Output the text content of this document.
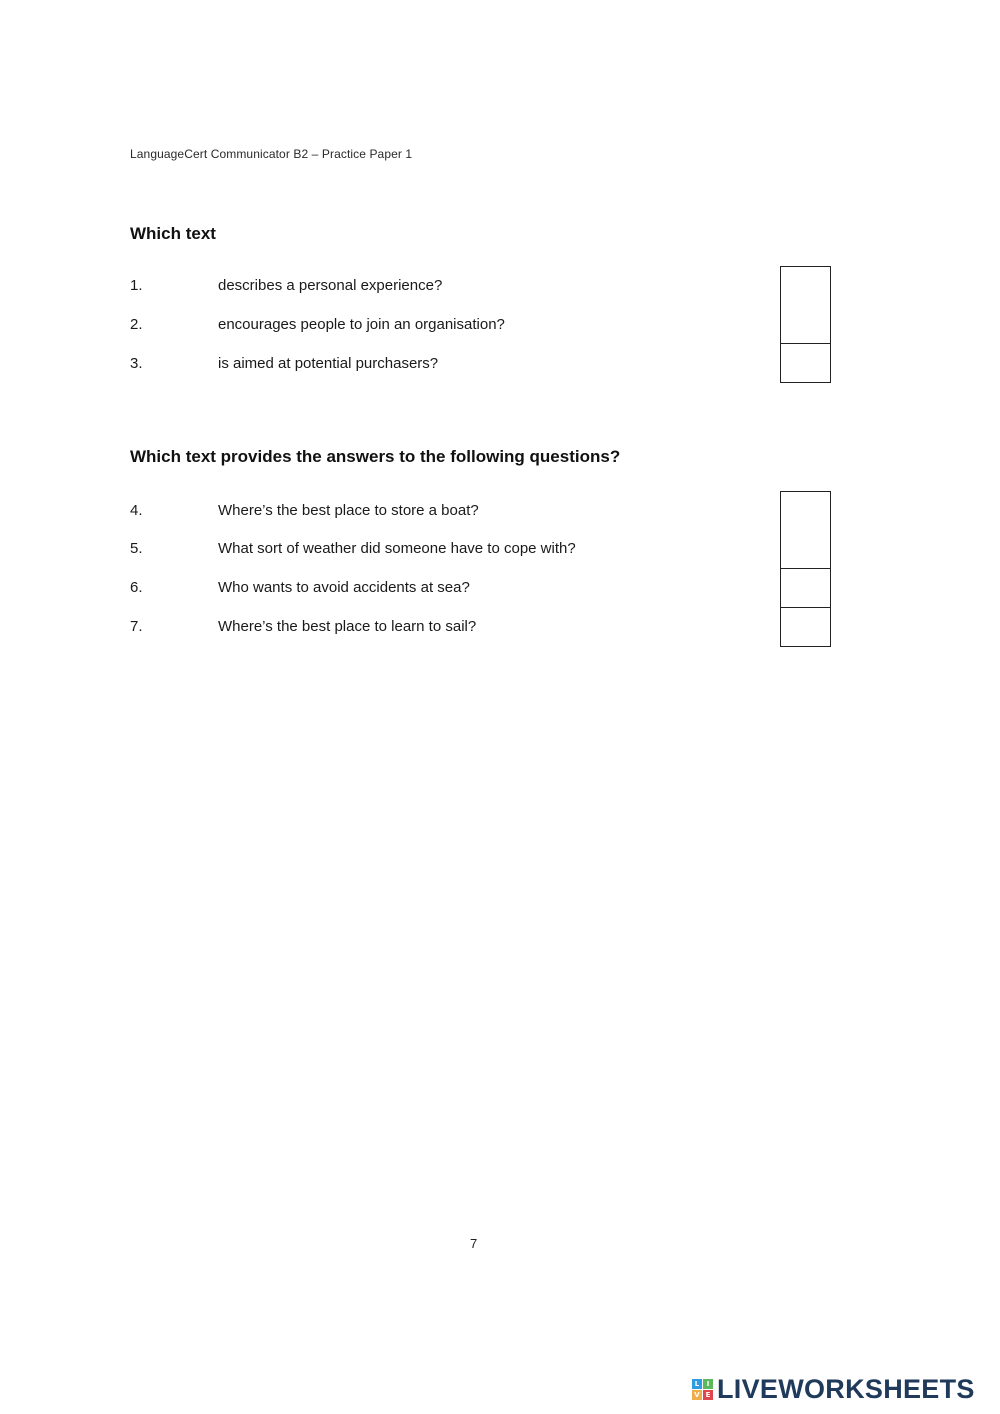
LanguageCert Communicator B2 – Practice Paper 1
Which text
1.	describes a personal experience?
2.	encourages people to join an organisation?
3.	is aimed at potential purchasers?
Which text provides the answers to the following questions?
4.	Where’s the best place to store a boat?
5.	What sort of weather did someone have to cope with?
6.	Who wants to avoid accidents at sea?
7.	Where’s the best place to learn to sail?
7
L	I
V E LIVEWORKSHEETS
